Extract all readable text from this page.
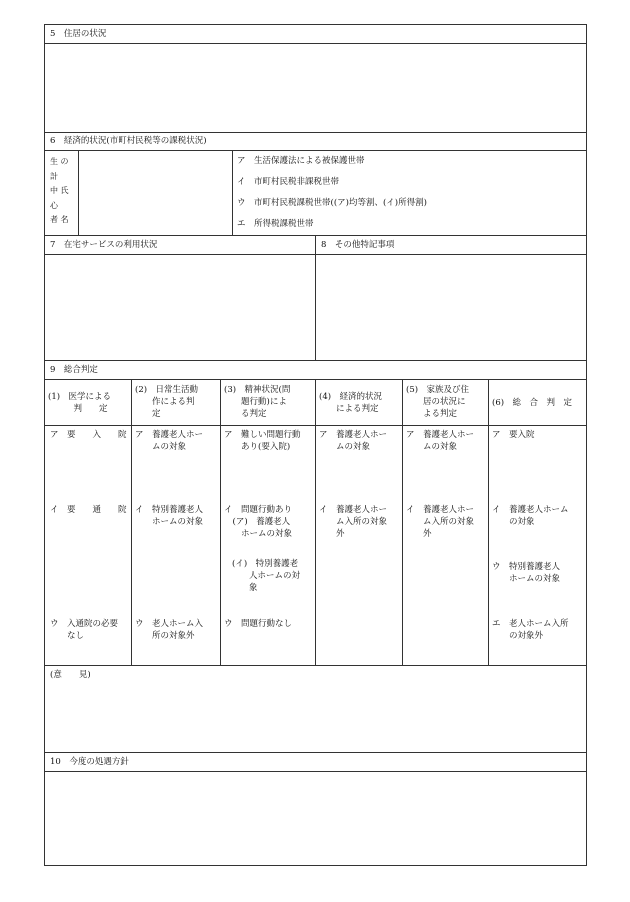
5　住居の状況
6　経済的状況(市町村民税等の課税状況)
生 の
計
中 氏
心
者 名
ア　生活保護法による被保護世帯
イ　市町村民税非課税世帯
ウ　市町村民税課税世帯((ア)均等割、(イ)所得割)
エ　所得税課税世帯
7　在宅サービスの利用状況	8　その他特記事項
9　総合判定
(1)　医学による
　　　判　　定
(2)　日常生活動
　　作による判
　　定
(3)　精神状況(問
　　題行動)によ
　　る判定
(4)　経済的状況
　　による判定
(5)　家族及び住
　　居の状況に
　　よる判定
(6)　総　合　判　定
ア　要　　入　　院
イ　要　　通　　院
ウ　入通院の必要
　　なし
ア　養護老人ホー
　　ムの対象
イ　特別養護老人
　　ホームの対象
ウ　老人ホーム入
　　所の対象外
ア　難しい問題行動
　　あり(要入院)
イ　問題行動あり
　(ア)　養護老人
　　ホームの対象
(イ)　特別養護老
　　人ホームの対
　　象
ウ　問題行動なし
ア　養護老人ホー
　　ムの対象
イ　養護老人ホー
　　ム入所の対象
　　外
ア　養護老人ホー
　　ムの対象
イ　養護老人ホー
　　ム入所の対象
　　外
ア　要入院
イ　養護老人ホーム
　　の対象
ウ　特別養護老人
　　ホームの対象
エ　老人ホーム入所
　　の対象外
(意　　見)
10　今度の処遇方針
